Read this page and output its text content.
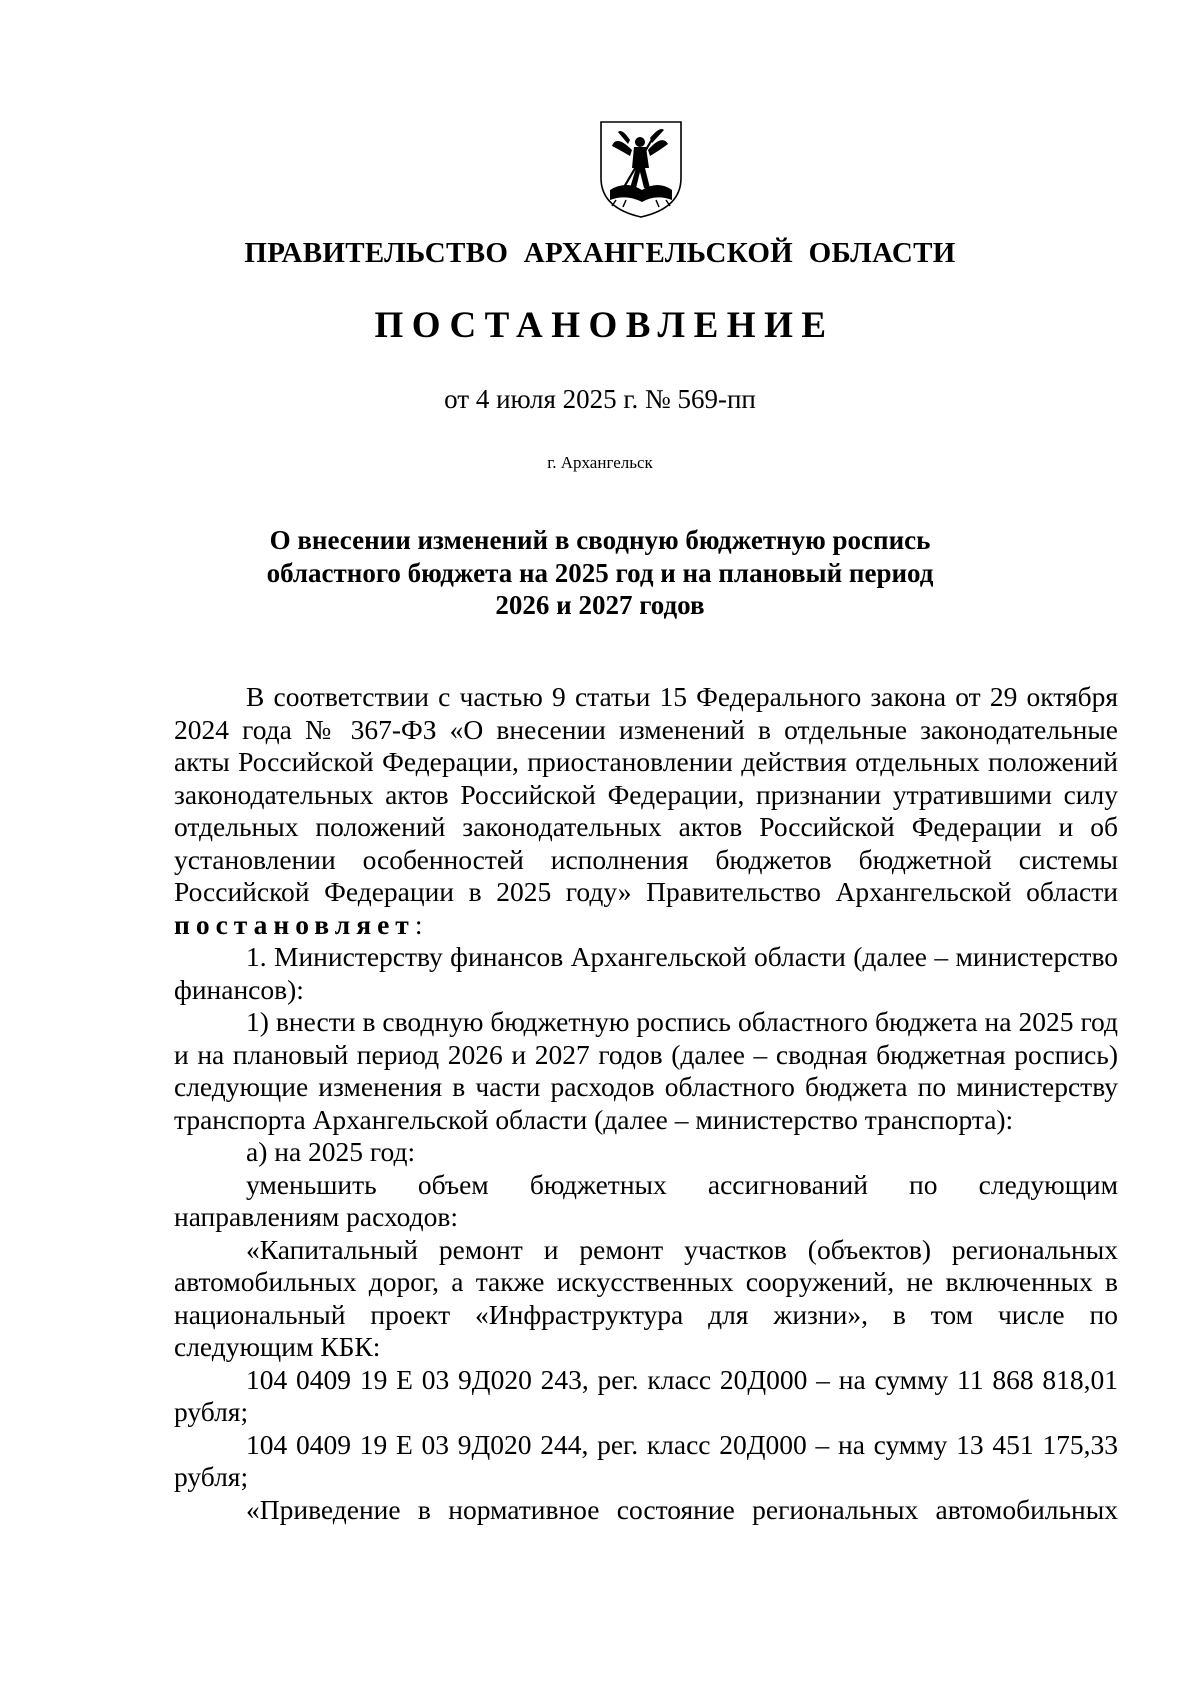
ПРАВИТЕЛЬСТВО АРХАНГЕЛЬСКОЙ ОБЛАСТИ
ПОСТАНОВЛЕНИЕ
от 4 июля 2025 г. № 569-пп
г. Архангельск
О внесении изменений в сводную бюджетную роспись
областного бюджета на 2025 год и на плановый период
2026 и 2027 годов

В соответствии с частью 9 статьи 15 Федерального закона от 29 октября 2024 года № 367-ФЗ «О внесении изменений в отдельные законодательные акты Российской Федерации, приостановлении действия отдельных положений законодательных актов Российской Федерации, признании утратившими силу отдельных положений законодательных актов Российской Федерации и об установлении особенностей исполнения бюджетов бюджетной системы Российской Федерации в 2025 году» Правительство Архангельской области постановляет:

1. Министерству финансов Архангельской области (далее – министерство финансов):

1) внести в сводную бюджетную роспись областного бюджета на 2025 год и на плановый период 2026 и 2027 годов (далее – сводная бюджетная роспись) следующие изменения в части расходов областного бюджета по министерству транспорта Архангельской области (далее – министерство транспорта):

а) на 2025 год:

уменьшить объем бюджетных ассигнований по следующим направлениям расходов:

«Капитальный ремонт и ремонт участков (объектов) региональных автомобильных дорог, а также искусственных сооружений, не включенных в национальный проект «Инфраструктура для жизни», в том числе по следующим КБК:

104 0409 19 Е 03 9Д020 243, рег. класс 20Д000 – на сумму 11 868 818,01 рубля;

104 0409 19 Е 03 9Д020 244, рег. класс 20Д000 – на сумму 13 451 175,33 рубля;

«Приведение в нормативное состояние региональных автомобильных
